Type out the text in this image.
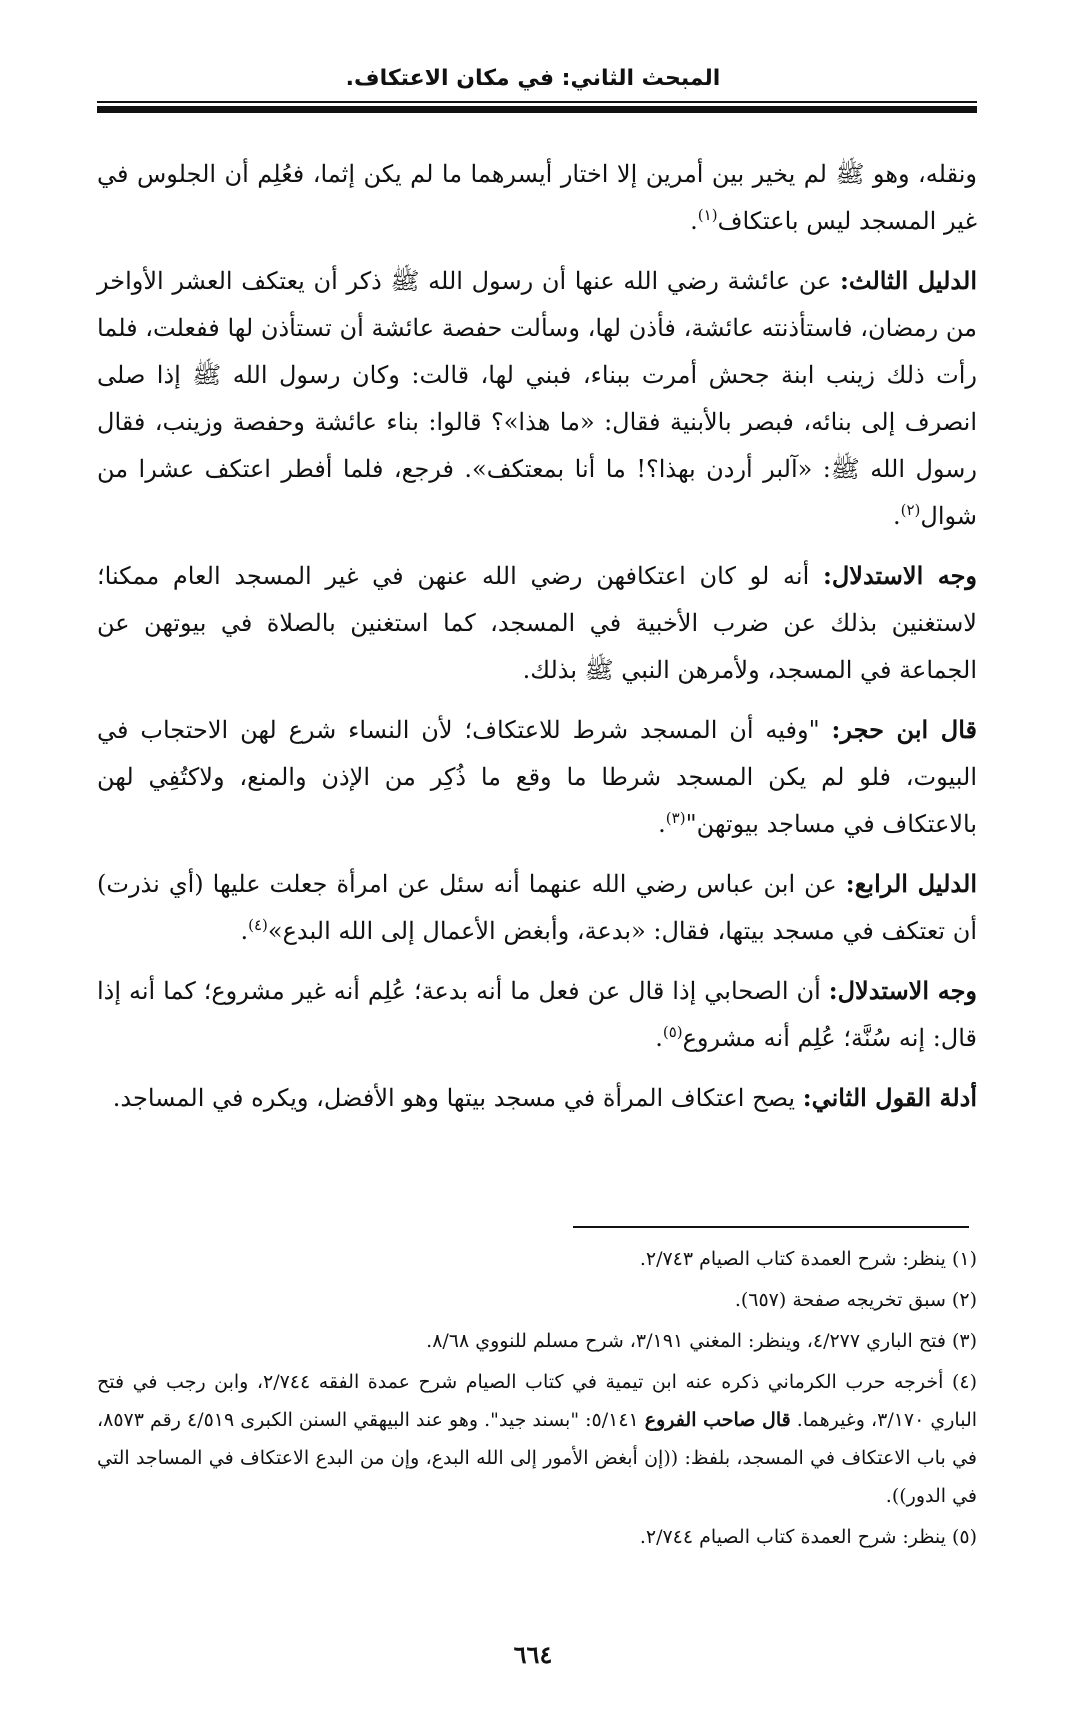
المبحث الثاني: في مكان الاعتكاف.

ونقله، وهو ﷺ لم يخير بين أمرين إلا اختار أيسرهما ما لم يكن إثما، فعُلِم أن الجلوس في غير المسجد ليس باعتكاف$^{(١)}$.

الدليل الثالث: عن عائشة رضي الله عنها أن رسول الله ﷺ ذكر أن يعتكف العشر الأواخر من رمضان، فاستأذنته عائشة، فأذن لها، وسألت حفصة عائشة أن تستأذن لها ففعلت، فلما رأت ذلك زينب ابنة جحش أمرت ببناء، فبني لها، قالت: وكان رسول الله ﷺ إذا صلى انصرف إلى بنائه، فبصر بالأبنية فقال: «ما هذا»؟ قالوا: بناء عائشة وحفصة وزينب، فقال رسول الله ﷺ: «آلبر أردن بهذا؟! ما أنا بمعتكف». فرجع، فلما أفطر اعتكف عشرا من شوال$^{(٢)}$.

وجه الاستدلال: أنه لو كان اعتكافهن رضي الله عنهن في غير المسجد العام ممكنا؛ لاستغنين بذلك عن ضرب الأخبية في المسجد، كما استغنين بالصلاة في بيوتهن عن الجماعة في المسجد، ولأمرهن النبي ﷺ بذلك.

قال ابن حجر: "وفيه أن المسجد شرط للاعتكاف؛ لأن النساء شرع لهن الاحتجاب في البيوت، فلو لم يكن المسجد شرطا ما وقع ما ذُكِر من الإذن والمنع، ولاكتُفِي لهن بالاعتكاف في مساجد بيوتهن"$^{(٣)}$.

الدليل الرابع: عن ابن عباس رضي الله عنهما أنه سئل عن امرأة جعلت عليها (أي نذرت) أن تعتكف في مسجد بيتها، فقال: «بدعة، وأبغض الأعمال إلى الله البدع»$^{(٤)}$.

وجه الاستدلال: أن الصحابي إذا قال عن فعل ما أنه بدعة؛ عُلِم أنه غير مشروع؛ كما أنه إذا قال: إنه سُنَّة؛ عُلِم أنه مشروع$^{(٥)}$.

أدلة القول الثاني: يصح اعتكاف المرأة في مسجد بيتها وهو الأفضل، ويكره في المساجد.

(١) ينظر: شرح العمدة كتاب الصيام ٢/٧٤٣.

(٢) سبق تخريجه صفحة (٦٥٧).

(٣) فتح الباري ٤/٢٧٧، وينظر: المغني ٣/١٩١، شرح مسلم للنووي ٨/٦٨.

(٤) أخرجه حرب الكرماني ذكره عنه ابن تيمية في كتاب الصيام شرح عمدة الفقه ٢/٧٤٤، وابن رجب في فتح الباري ٣/١٧٠، وغيرهما. قال صاحب الفروع ٥/١٤١: "بسند جيد". وهو عند البيهقي السنن الكبرى ٤/٥١٩ رقم ٨٥٧٣، في باب الاعتكاف في المسجد، بلفظ: ((إن أبغض الأمور إلى الله البدع، وإن من البدع الاعتكاف في المساجد التي في الدور)).

(٥) ينظر: شرح العمدة كتاب الصيام ٢/٧٤٤.

٦٦٤
